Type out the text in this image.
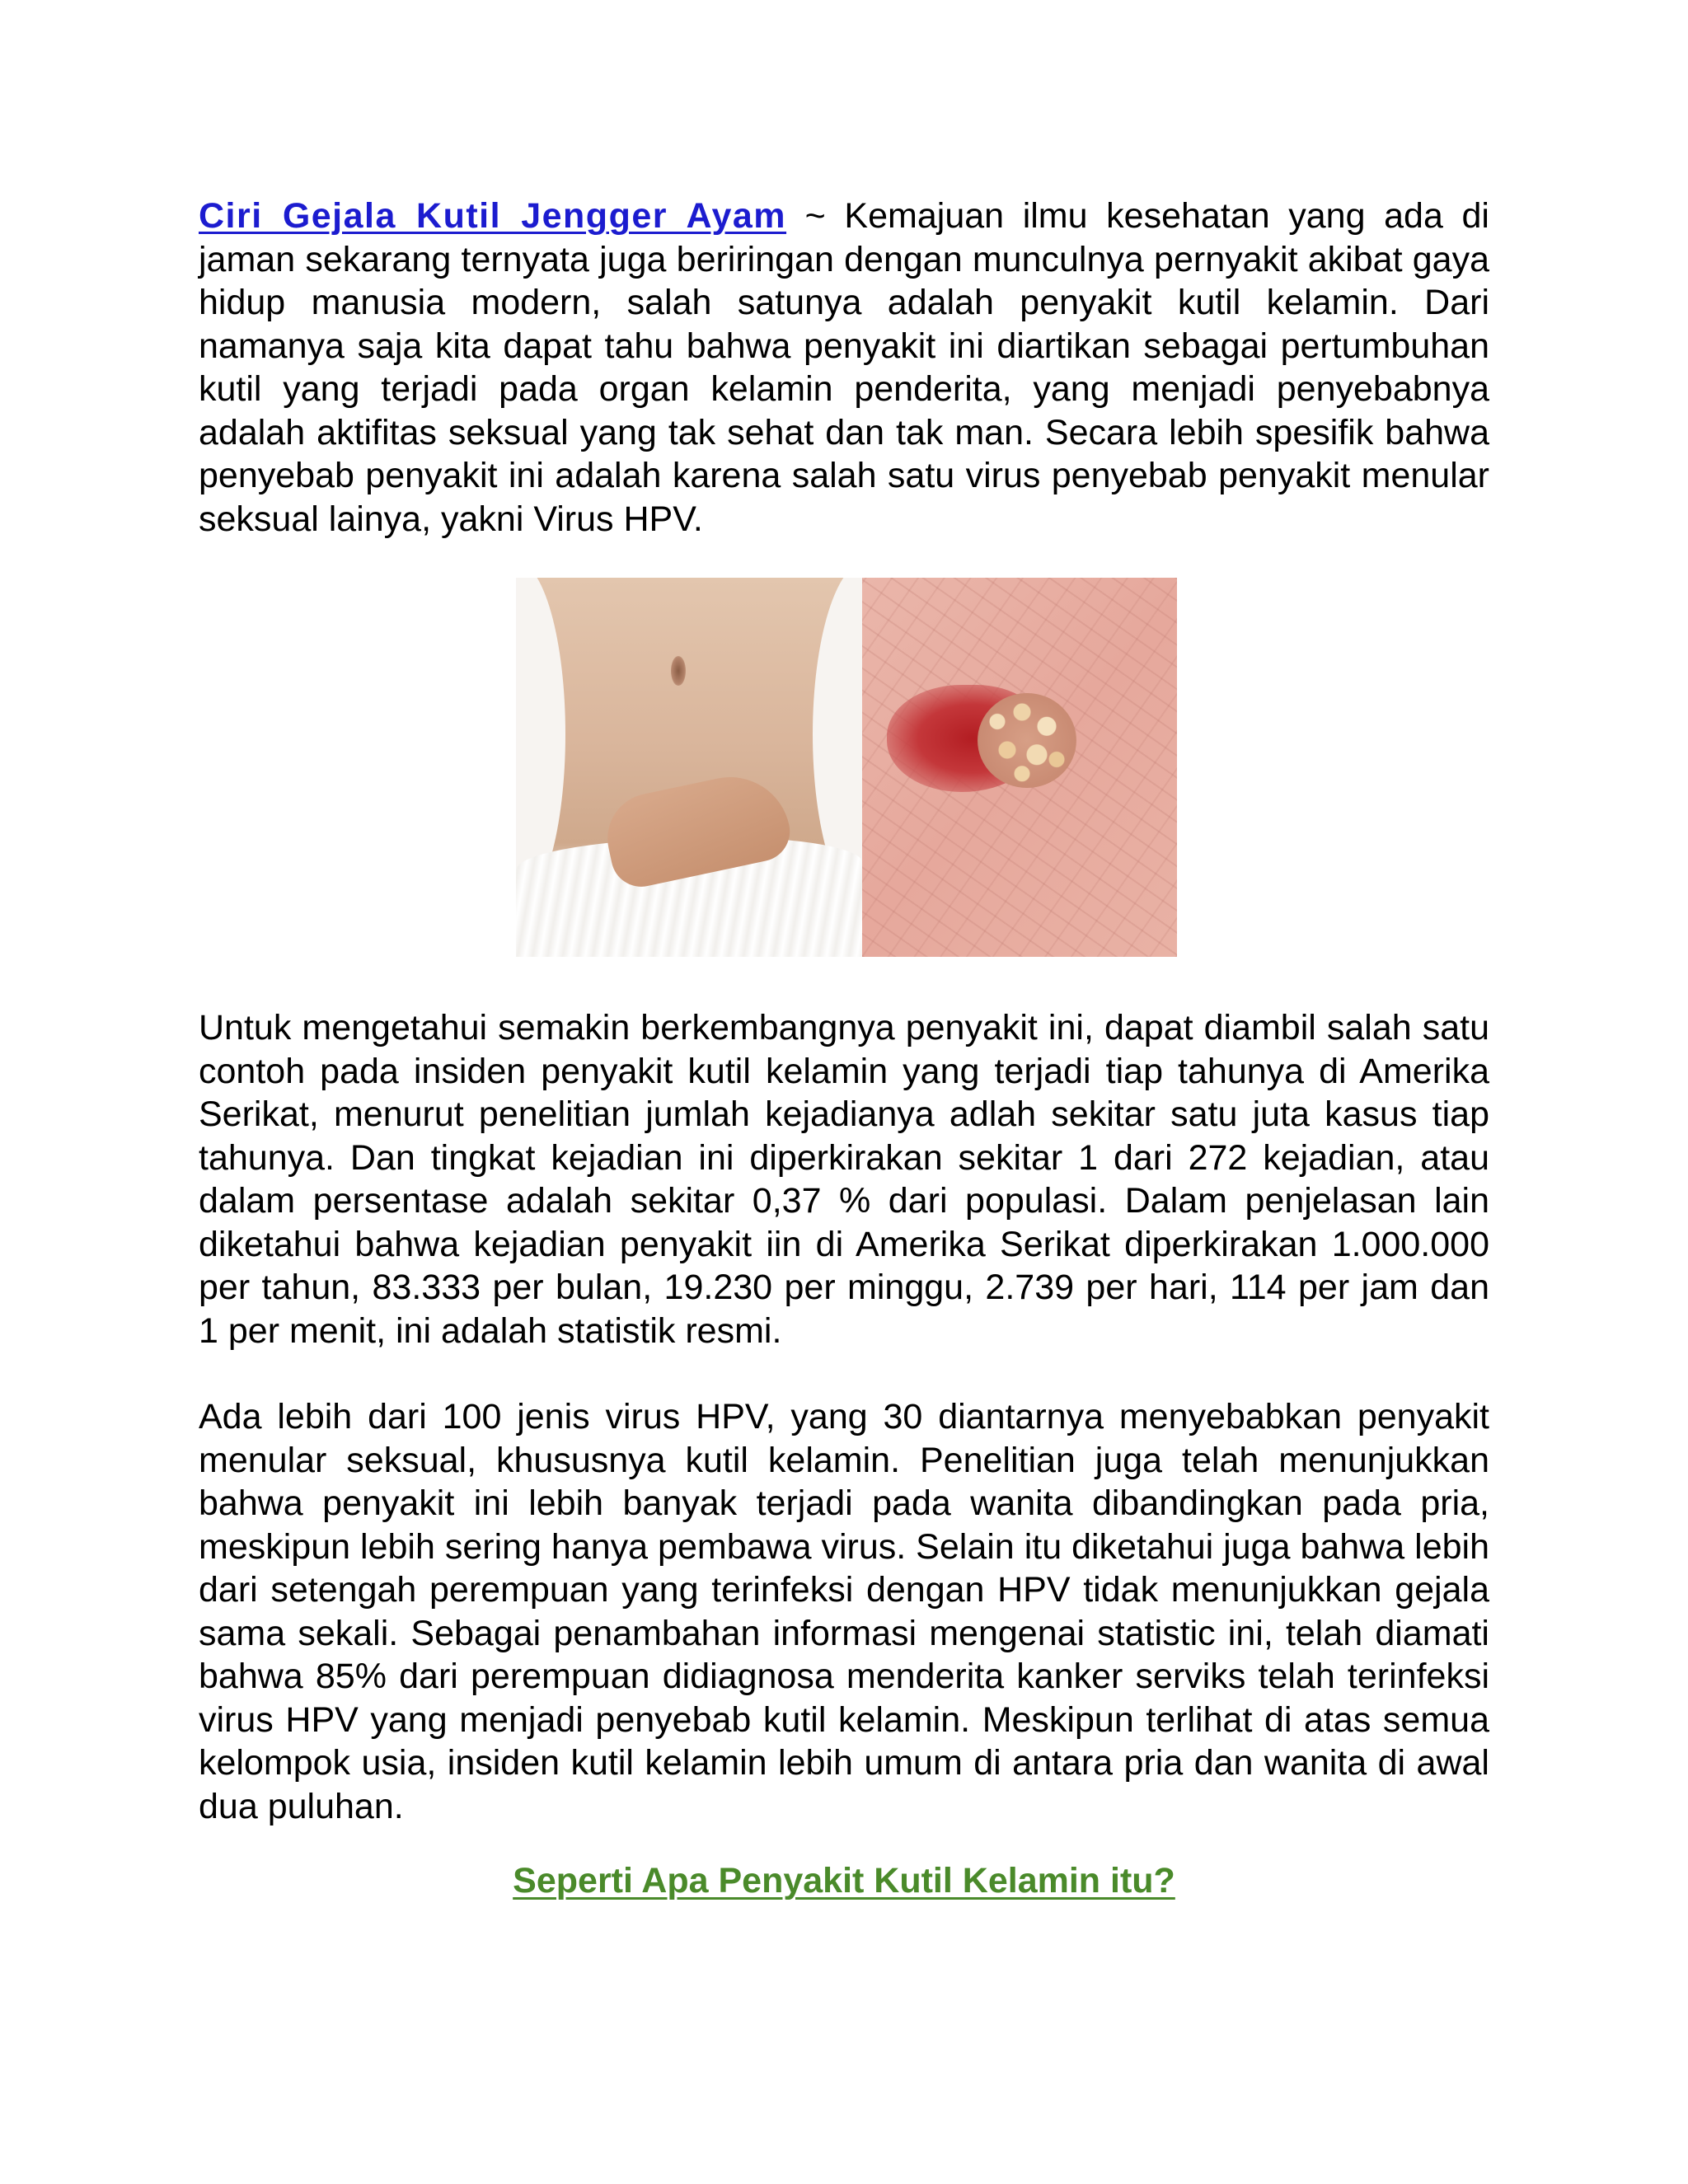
Ciri Gejala Kutil Jengger Ayam ~ Kemajuan ilmu kesehatan yang ada di jaman sekarang ternyata juga beriringan dengan munculnya pernyakit akibat gaya hidup manusia modern, salah satunya adalah penyakit kutil kelamin. Dari namanya saja kita dapat tahu bahwa penyakit ini diartikan sebagai pertumbuhan kutil yang terjadi pada organ kelamin penderita, yang menjadi penyebabnya adalah aktifitas seksual yang tak sehat dan tak man. Secara lebih spesifik bahwa penyebab penyakit ini adalah karena salah satu virus penyebab penyakit menular seksual lainya, yakni Virus HPV.

Untuk mengetahui semakin berkembangnya penyakit ini, dapat diambil salah satu contoh pada insiden penyakit kutil kelamin yang terjadi tiap tahunya di Amerika Serikat, menurut penelitian jumlah kejadianya adlah sekitar satu juta kasus tiap tahunya. Dan tingkat kejadian ini diperkirakan sekitar 1 dari 272 kejadian, atau dalam persentase adalah sekitar 0,37 % dari populasi. Dalam penjelasan lain diketahui bahwa kejadian penyakit iin di Amerika Serikat diperkirakan 1.000.000 per tahun, 83.333 per bulan, 19.230 per minggu, 2.739 per hari, 114 per jam dan 1 per menit, ini adalah statistik resmi.

Ada lebih dari 100 jenis virus HPV, yang 30 diantarnya menyebabkan penyakit menular seksual, khususnya kutil kelamin. Penelitian juga telah menunjukkan bahwa penyakit ini lebih banyak terjadi pada wanita dibandingkan pada pria, meskipun lebih sering hanya pembawa virus. Selain itu diketahui juga bahwa lebih dari setengah perempuan yang terinfeksi dengan HPV tidak menunjukkan gejala sama sekali. Sebagai penambahan informasi mengenai statistic ini, telah diamati bahwa 85% dari perempuan didiagnosa menderita kanker serviks telah terinfeksi virus HPV yang menjadi penyebab kutil kelamin. Meskipun terlihat di atas semua kelompok usia, insiden kutil kelamin lebih umum di antara pria dan wanita di awal dua puluhan.

Seperti Apa Penyakit Kutil Kelamin itu?
